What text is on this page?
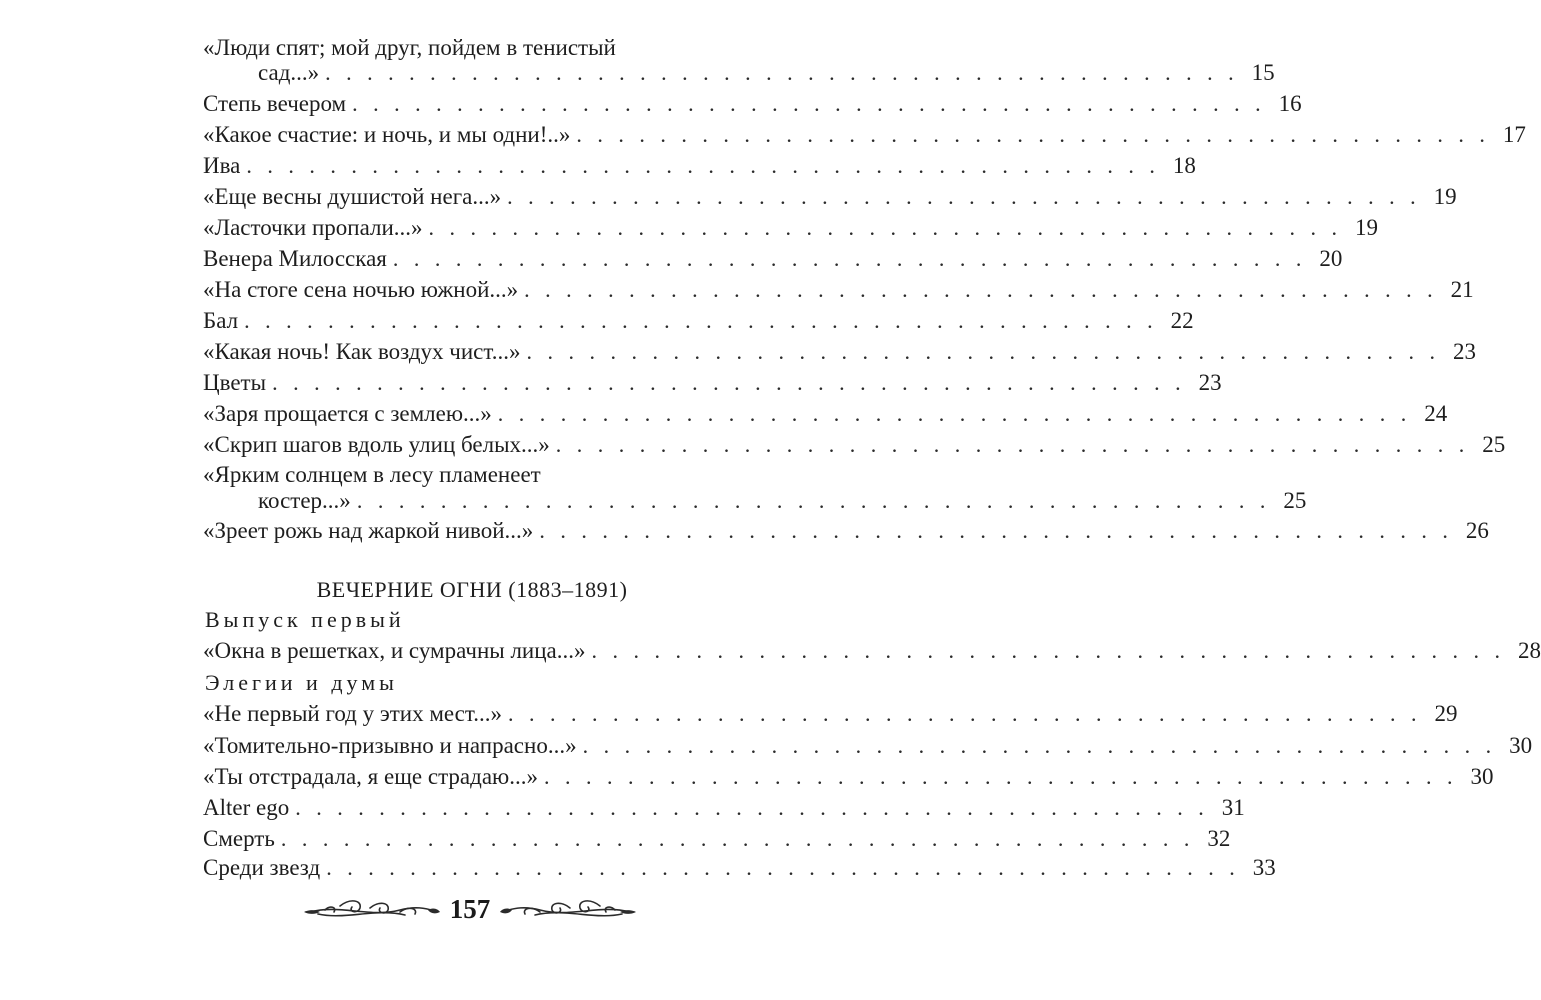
«Люди спят; мой друг, пойдем в тенистый
сад...» . . . . . . . . . . . . . . . . . . . . . . . . . . . . . . . . . . . . . . . . . . . . 15
Степь вечером . . . . . . . . . . . . . . . . . . . . . . . . . . . . . . . . . . . . . . . . . . . . 16
«Какое счастие: и ночь, и мы одни!..» . . . . . . . . . . . . . . . . . . . . . . . . . . . . . . . . . . . . . . . . . . . . 17
Ива . . . . . . . . . . . . . . . . . . . . . . . . . . . . . . . . . . . . . . . . . . . . 18
«Еще весны душистой нега...» . . . . . . . . . . . . . . . . . . . . . . . . . . . . . . . . . . . . . . . . . . . . 19
«Ласточки пропали...» . . . . . . . . . . . . . . . . . . . . . . . . . . . . . . . . . . . . . . . . . . . . 19
Венера Милосская . . . . . . . . . . . . . . . . . . . . . . . . . . . . . . . . . . . . . . . . . . . . 20
«На стоге сена ночью южной...» . . . . . . . . . . . . . . . . . . . . . . . . . . . . . . . . . . . . . . . . . . . . 21
Бал . . . . . . . . . . . . . . . . . . . . . . . . . . . . . . . . . . . . . . . . . . . . 22
«Какая ночь! Как воздух чист...» . . . . . . . . . . . . . . . . . . . . . . . . . . . . . . . . . . . . . . . . . . . . 23
Цветы . . . . . . . . . . . . . . . . . . . . . . . . . . . . . . . . . . . . . . . . . . . . 23
«Заря прощается с землею...» . . . . . . . . . . . . . . . . . . . . . . . . . . . . . . . . . . . . . . . . . . . . 24
«Скрип шагов вдоль улиц белых...» . . . . . . . . . . . . . . . . . . . . . . . . . . . . . . . . . . . . . . . . . . . . 25
«Ярким солнцем в лесу пламенеет
костер...» . . . . . . . . . . . . . . . . . . . . . . . . . . . . . . . . . . . . . . . . . . . . 25
«Зреет рожь над жаркой нивой...» . . . . . . . . . . . . . . . . . . . . . . . . . . . . . . . . . . . . . . . . . . . . 26
ВЕЧЕРНИЕ ОГНИ (1883–1891)
Выпуск первый
«Окна в решетках, и сумрачны лица...» . . . . . . . . . . . . . . . . . . . . . . . . . . . . . . . . . . . . . . . . . . . . 28
Элегии и думы
«Не первый год у этих мест...» . . . . . . . . . . . . . . . . . . . . . . . . . . . . . . . . . . . . . . . . . . . . 29
«Томительно-призывно и напрасно...» . . . . . . . . . . . . . . . . . . . . . . . . . . . . . . . . . . . . . . . . . . . . 30
«Ты отстрадала, я еще страдаю...» . . . . . . . . . . . . . . . . . . . . . . . . . . . . . . . . . . . . . . . . . . . . 30
Alter ego . . . . . . . . . . . . . . . . . . . . . . . . . . . . . . . . . . . . . . . . . . . . 31
Смерть . . . . . . . . . . . . . . . . . . . . . . . . . . . . . . . . . . . . . . . . . . . . 32
Среди звезд . . . . . . . . . . . . . . . . . . . . . . . . . . . . . . . . . . . . . . . . . . . . 33
157
